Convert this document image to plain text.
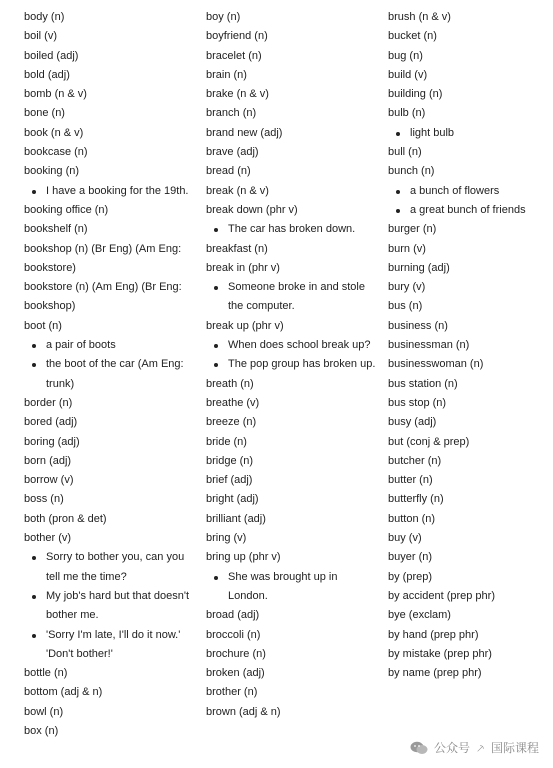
body (n)
boil (v)
boiled (adj)
bold (adj)
bomb (n & v)
bone (n)
book (n & v)
bookcase (n)
booking (n)
I have a booking for the 19th.
booking office (n)
bookshelf (n)
bookshop (n) (Br Eng) (Am Eng:
bookstore)
bookstore (n) (Am Eng) (Br Eng:
bookshop)
boot (n)
a pair of boots
the boot of the car (Am Eng: trunk)
border (n)
bored (adj)
boring (adj)
born (adj)
borrow (v)
boss (n)
both (pron & det)
bother (v)
Sorry to bother you, can you tell me the time?
My job's hard but that doesn't bother me.
'Sorry I'm late, I'll do it now.' 'Don't bother!'
bottle (n)
bottom (adj & n)
bowl (n)
box (n)
boy (n)
boyfriend (n)
bracelet (n)
brain (n)
brake (n & v)
branch (n)
brand new (adj)
brave (adj)
bread (n)
break (n & v)
break down (phr v)
The car has broken down.
breakfast (n)
break in (phr v)
Someone broke in and stole the computer.
break up (phr v)
When does school break up?
The pop group has broken up.
breath (n)
breathe (v)
breeze (n)
bride (n)
bridge (n)
brief (adj)
bright (adj)
brilliant (adj)
bring (v)
bring up (phr v)
She was brought up in London.
broad (adj)
broccoli (n)
brochure (n)
broken (adj)
brother (n)
brown (adj & n)
brush (n & v)
bucket (n)
bug (n)
build (v)
building (n)
bulb (n)
light bulb
bull (n)
bunch (n)
a bunch of flowers
a great bunch of friends
burger (n)
burn (v)
burning (adj)
bury (v)
bus (n)
business (n)
businessman (n)
businesswoman (n)
bus station (n)
bus stop (n)
busy (adj)
but (conj & prep)
butcher (n)
butter (n)
butterfly (n)
button (n)
buy (v)
buyer (n)
by (prep)
by accident (prep phr)
bye (exclam)
by hand (prep phr)
by mistake (prep phr)
by name (prep phr)
公众号 ⸕ 国际课程
